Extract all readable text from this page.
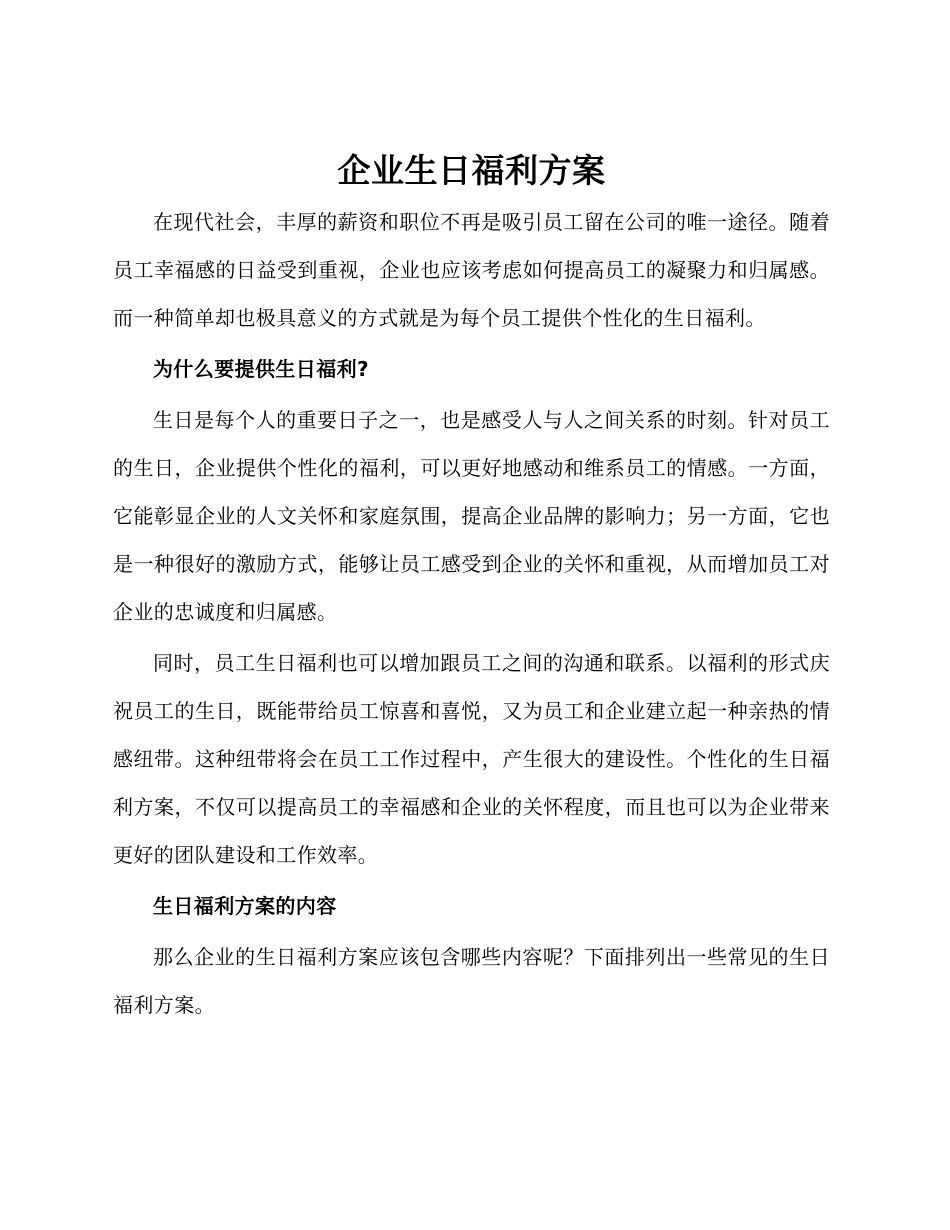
企业生日福利方案

在现代社会，丰厚的薪资和职位不再是吸引员工留在公司的唯一途径。随着员工幸福感的日益受到重视，企业也应该考虑如何提高员工的凝聚力和归属感。而一种简单却也极具意义的方式就是为每个员工提供个性化的生日福利。

为什么要提供生日福利?

生日是每个人的重要日子之一，也是感受人与人之间关系的时刻。针对员工的生日，企业提供个性化的福利，可以更好地感动和维系员工的情感。一方面，它能彰显企业的人文关怀和家庭氛围，提高企业品牌的影响力；另一方面，它也是一种很好的激励方式，能够让员工感受到企业的关怀和重视，从而增加员工对企业的忠诚度和归属感。

同时，员工生日福利也可以增加跟员工之间的沟通和联系。以福利的形式庆祝员工的生日，既能带给员工惊喜和喜悦，又为员工和企业建立起一种亲热的情感纽带。这种纽带将会在员工工作过程中，产生很大的建设性。个性化的生日福利方案，不仅可以提高员工的幸福感和企业的关怀程度，而且也可以为企业带来更好的团队建设和工作效率。

生日福利方案的内容

那么企业的生日福利方案应该包含哪些内容呢？下面排列出一些常见的生日福利方案。
